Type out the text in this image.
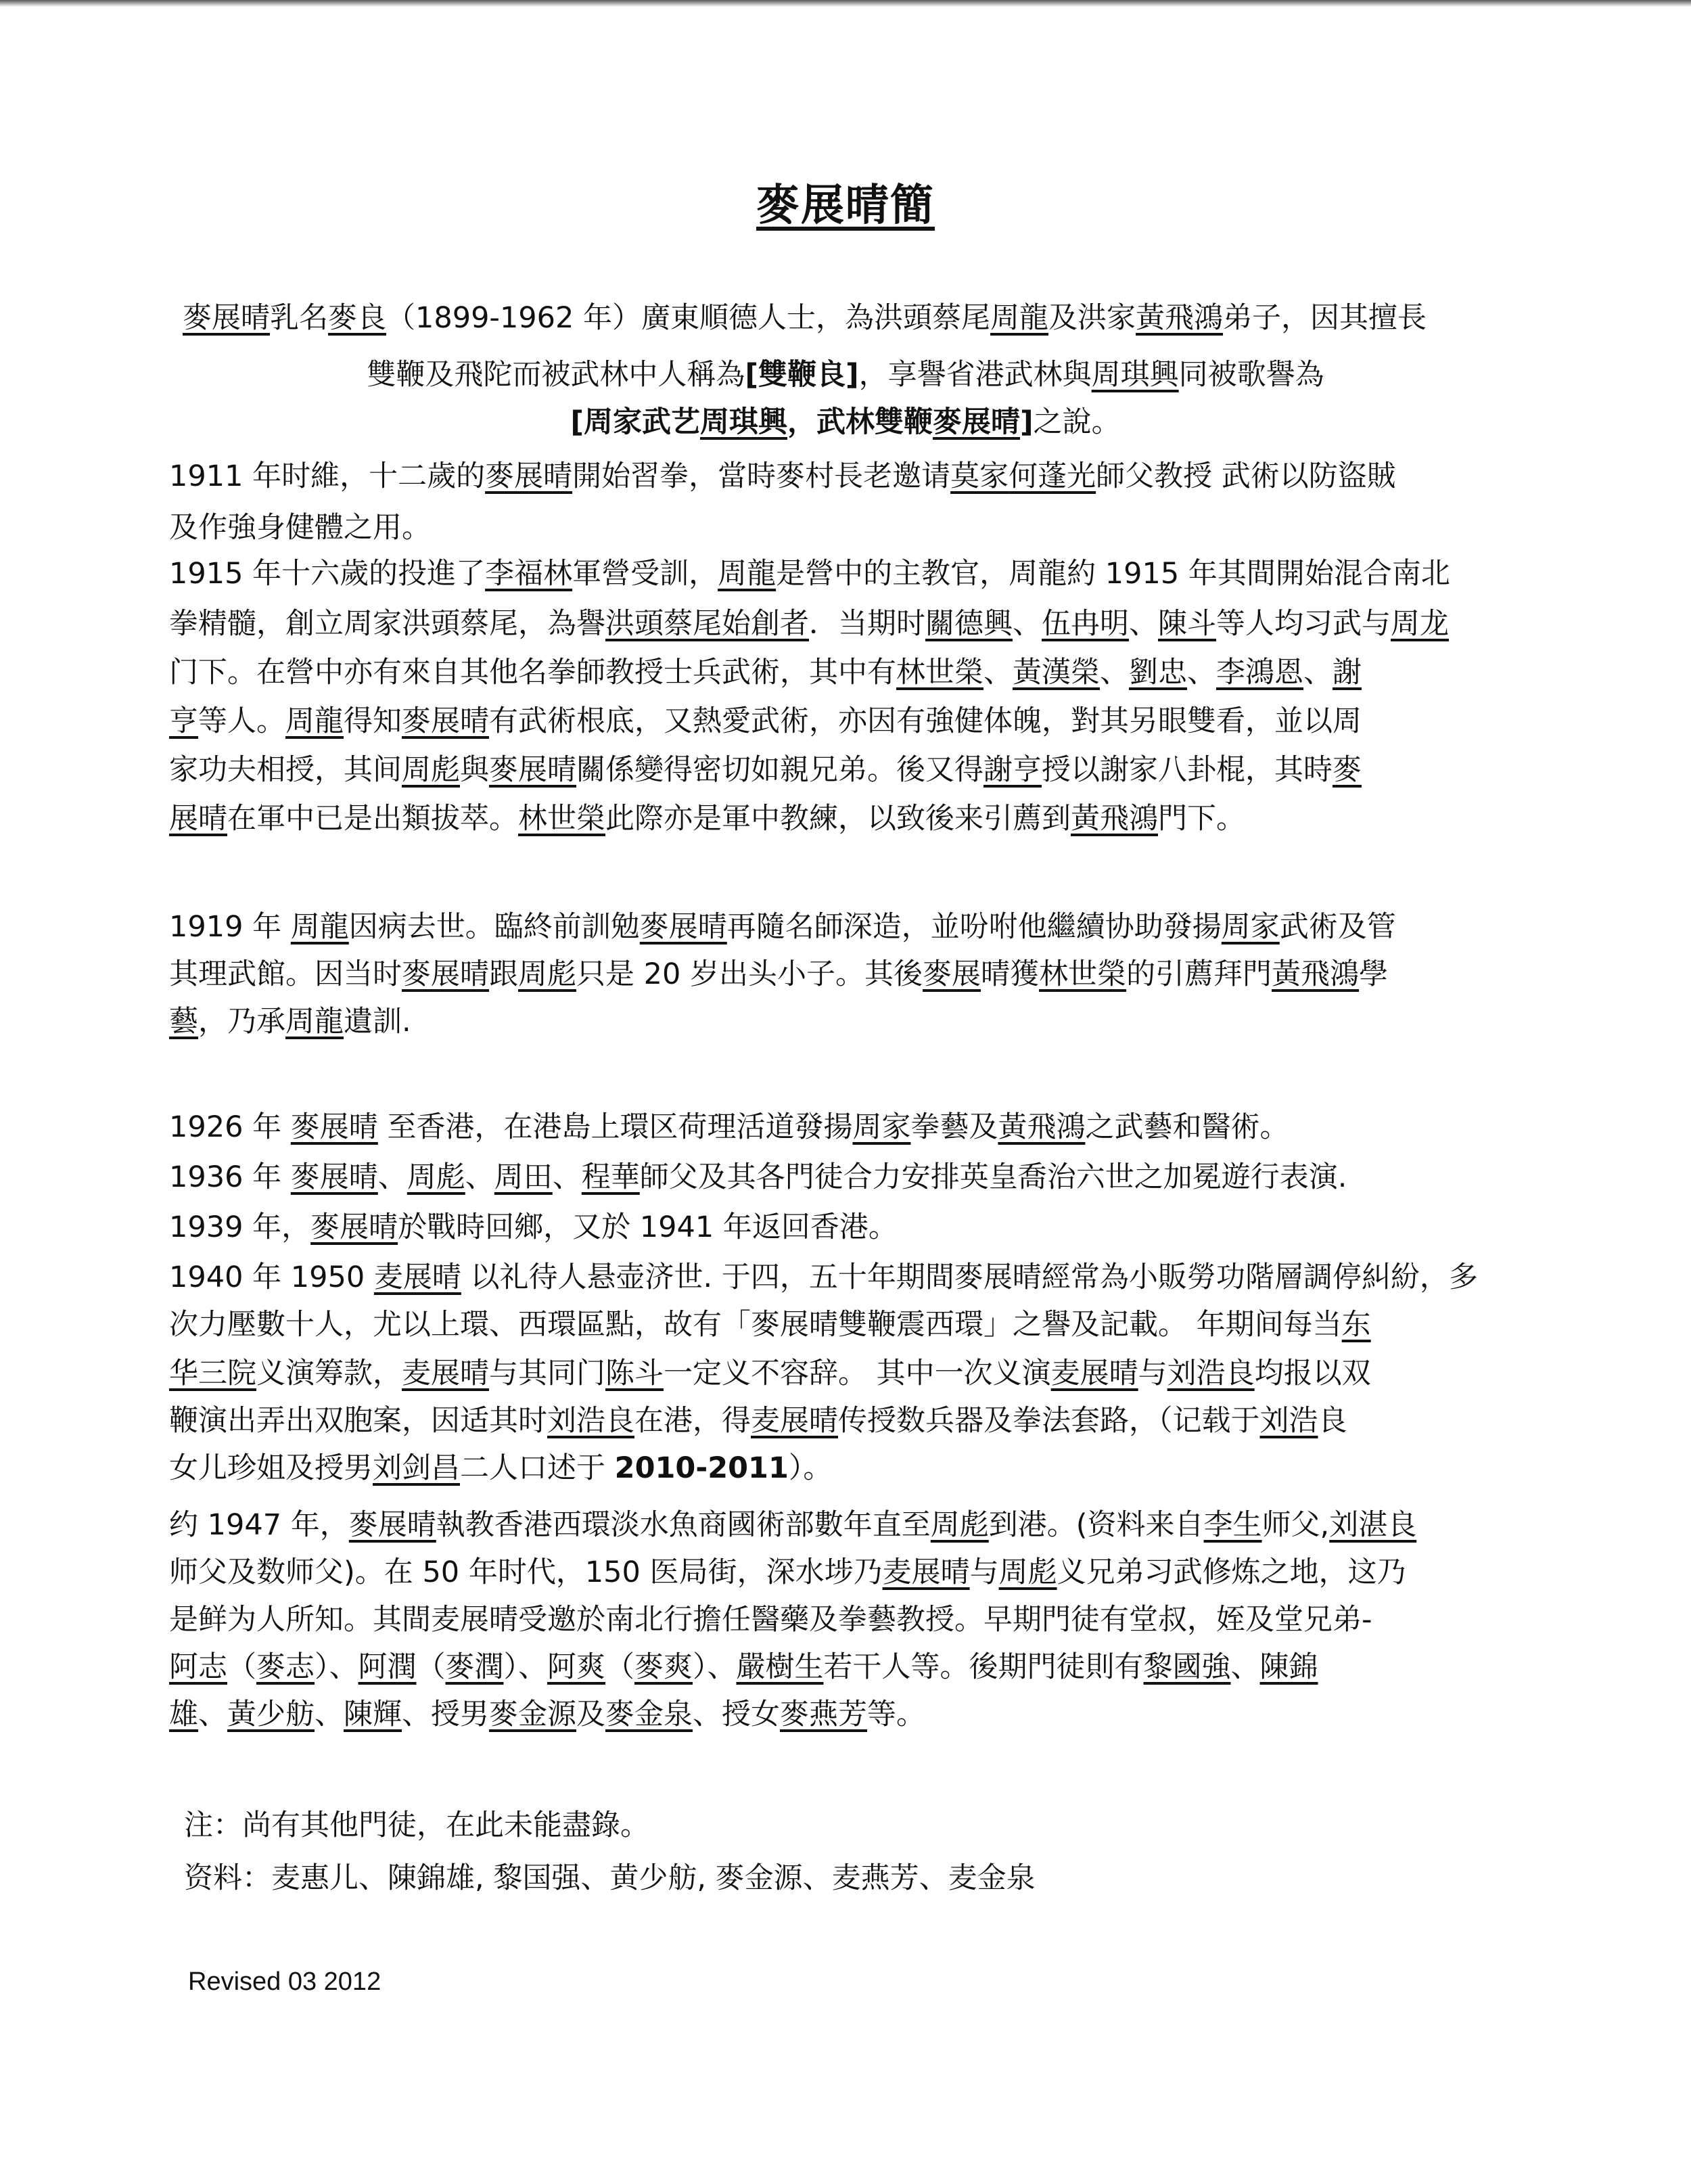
麥展晴簡
麥展晴乳名麥良（1899-1962 年）廣東順德人士，為洪頭蔡尾周龍及洪家黃飛鴻弟子，因其擅長
雙鞭及飛陀而被武林中人稱為[雙鞭良]，享譽省港武林與周琪興同被歌譽為
[周家武艺周琪興，武林雙鞭麥展晴]之說。
1911 年时維，十二歲的麥展晴開始習拳，當時麥村長老邀请莫家何蓬光師父教授 武術以防盜賊
及作強身健體之用。
1915 年十六歲的投進了李福林軍營受訓，周龍是營中的主教官，周龍約 1915 年其間開始混合南北
拳精髓，創立周家洪頭蔡尾，為譽洪頭蔡尾始創者．当期时關德興、伍冉明、陳斗等人均习武与周龙
门下。在營中亦有來自其他名拳師教授士兵武術，其中有林世榮、黃漢榮、劉忠、李鴻恩、謝
亨等人。周龍得知麥展晴有武術根底，又熱愛武術，亦因有強健体魄，對其另眼雙看，並以周
家功夫相授，其间周彪與麥展晴關係變得密切如親兄弟。後又得謝亨授以謝家八卦棍，其時麥
展晴在軍中已是出類拔萃。林世榮此際亦是軍中教練，以致後来引薦到黃飛鴻門下。
1919 年 周龍因病去世。臨終前訓勉麥展晴再隨名師深造，並吩咐他繼續协助發揚周家武術及管
其理武館。因当时麥展晴跟周彪只是 20 岁出头小子。其後麥展晴獲林世榮的引薦拜門黃飛鴻學
藝，乃承周龍遺訓.
1926 年 麥展晴 至香港，在港島上環区荷理活道發揚周家拳藝及黃飛鴻之武藝和醫術。
1936 年 麥展晴、周彪、周田、程華師父及其各門徒合力安排英皇喬治六世之加冕遊行表演.
1939 年，麥展晴於戰時回鄉，又於 1941 年返回香港。
1940 年 1950 麦展晴 以礼待人悬壶济世. 于四，五十年期間麥展晴經常為小販勞功階層調停糾紛，多
次力壓數十人，尤以上環、西環區點，故有「麥展晴雙鞭震西環」之譽及記載。 年期间每当东
华三院义演筹款，麦展晴与其同门陈斗一定义不容辞。 其中一次义演麦展晴与刘浩良均报以双
鞭演出弄出双胞案，因适其时刘浩良在港，得麦展晴传授数兵器及拳法套路，（记载于刘浩良
女儿珍姐及授男刘剑昌二人口述于 2010-2011）。
约 1947 年，麥展晴執教香港西環淡水魚商國術部數年直至周彪到港。(资料来自李生师父,刘湛良
师父及数师父)。在 50 年时代，150 医局街，深水埗乃麦展晴与周彪义兄弟习武修炼之地，这乃
是鲜为人所知。其間麦展晴受邀於南北行擔任醫藥及拳藝教授。早期門徒有堂叔，姪及堂兄弟-
阿志（麥志）、阿潤（麥潤）、阿爽（麥爽）、嚴樹生若干人等。後期門徒則有黎國強、陳錦
雄、黃少舫、陳輝、授男麥金源及麥金泉、授女麥燕芳等。
注：尚有其他門徒，在此未能盡錄。
资料：麦惠儿、陳錦雄, 黎国强、黄少舫, 麥金源、麦燕芳、麦金泉
Revised 03 2012
